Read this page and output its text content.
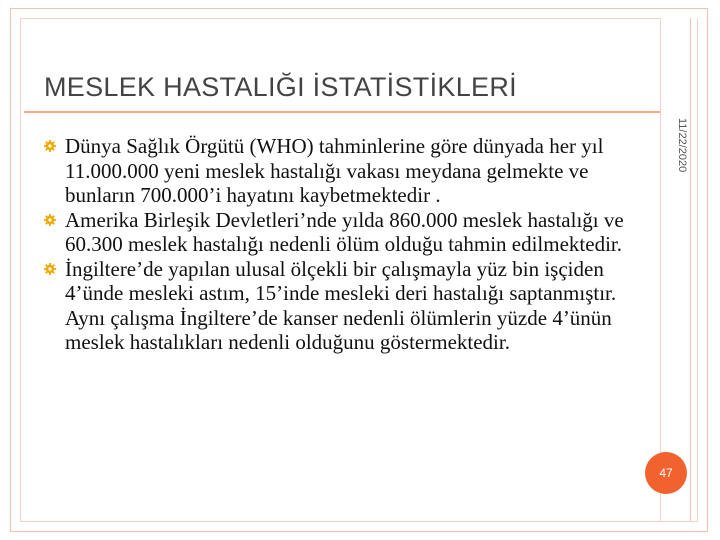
MESLEK HASTALIĞI İSTATİSTİKLERİ
11/22/2020

Dünya Sağlık Örgütü (WHO) tahminlerine göre dünyada her yıl 11.000.000 yeni meslek hastalığı vakası meydana gelmekte ve bunların 700.000’i hayatını kaybetmektedir .

Amerika Birleşik Devletleri’nde yılda 860.000 meslek hastalığı ve 60.300 meslek hastalığı nedenli ölüm olduğu tahmin edilmektedir.

İngiltere’de yapılan ulusal ölçekli bir çalışmayla yüz bin işçiden 4’ünde mesleki astım, 15’inde mesleki deri hastalığı saptanmıştır. Aynı çalışma İngiltere’de kanser nedenli ölümlerin yüzde 4’ünün meslek hastalıkları nedenli olduğunu göstermektedir.

47
